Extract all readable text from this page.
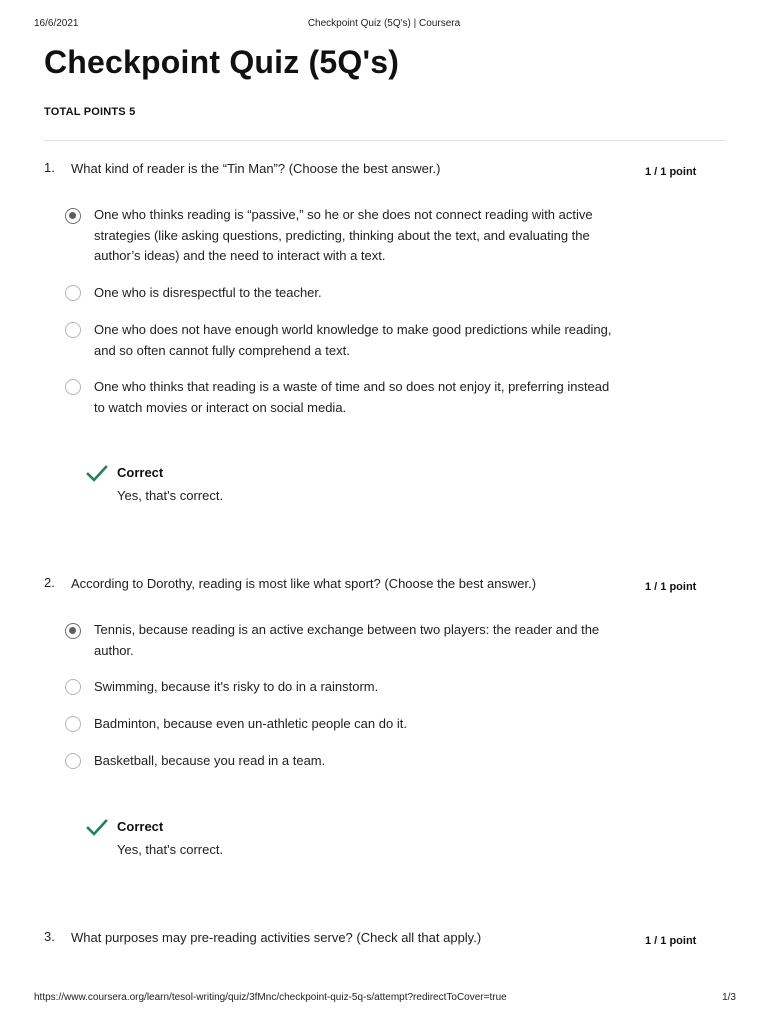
16/6/2021	Checkpoint Quiz (5Q's) | Coursera
Checkpoint Quiz (5Q's)
TOTAL POINTS 5
1. What kind of reader is the “Tin Man”? (Choose the best answer.)	1 / 1 point
One who thinks reading is “passive,” so he or she does not connect reading with active strategies (like asking questions, predicting, thinking about the text, and evaluating the author’s ideas) and the need to interact with a text.
One who is disrespectful to the teacher.
One who does not have enough world knowledge to make good predictions while reading, and so often cannot fully comprehend a text.
One who thinks that reading is a waste of time and so does not enjoy it, preferring instead to watch movies or interact on social media.
Correct
Yes, that's correct.
2. According to Dorothy, reading is most like what sport? (Choose the best answer.)	1 / 1 point
Tennis, because reading is an active exchange between two players: the reader and the author.
Swimming, because it's risky to do in a rainstorm.
Badminton, because even un-athletic people can do it.
Basketball, because you read in a team.
Correct
Yes, that's correct.
3. What purposes may pre-reading activities serve? (Check all that apply.)	1 / 1 point
https://www.coursera.org/learn/tesol-writing/quiz/3fMnc/checkpoint-quiz-5q-s/attempt?redirectToCover=true	1/3
